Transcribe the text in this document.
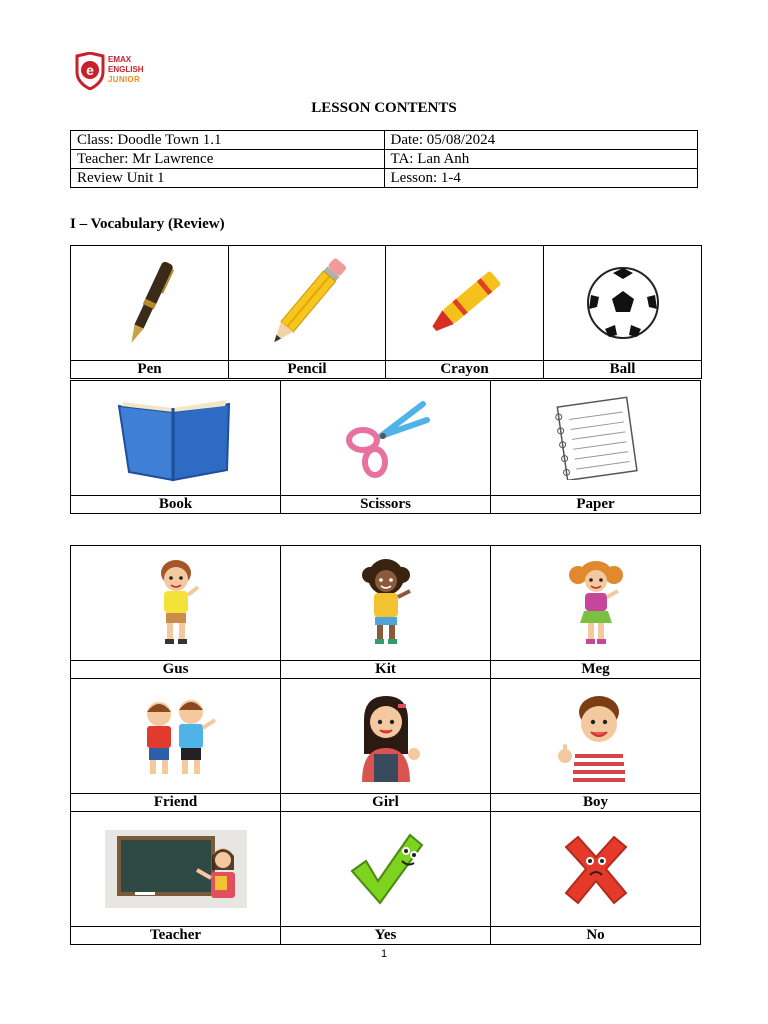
e
EMAX
ENGLISH
JUNIOR
LESSON CONTENTS
Class: Doodle Town 1.1	Date: 05/08/2024
Teacher: Mr Lawrence	TA: Lan Anh
Review Unit 1	Lesson: 1-4
I – Vocabulary (Review)

Pen	Pencil	Crayon	Ball

Book	Scissors	Paper

Gus	Kit	Meg

Friend	Girl	Boy

Teacher	Yes	No
1
